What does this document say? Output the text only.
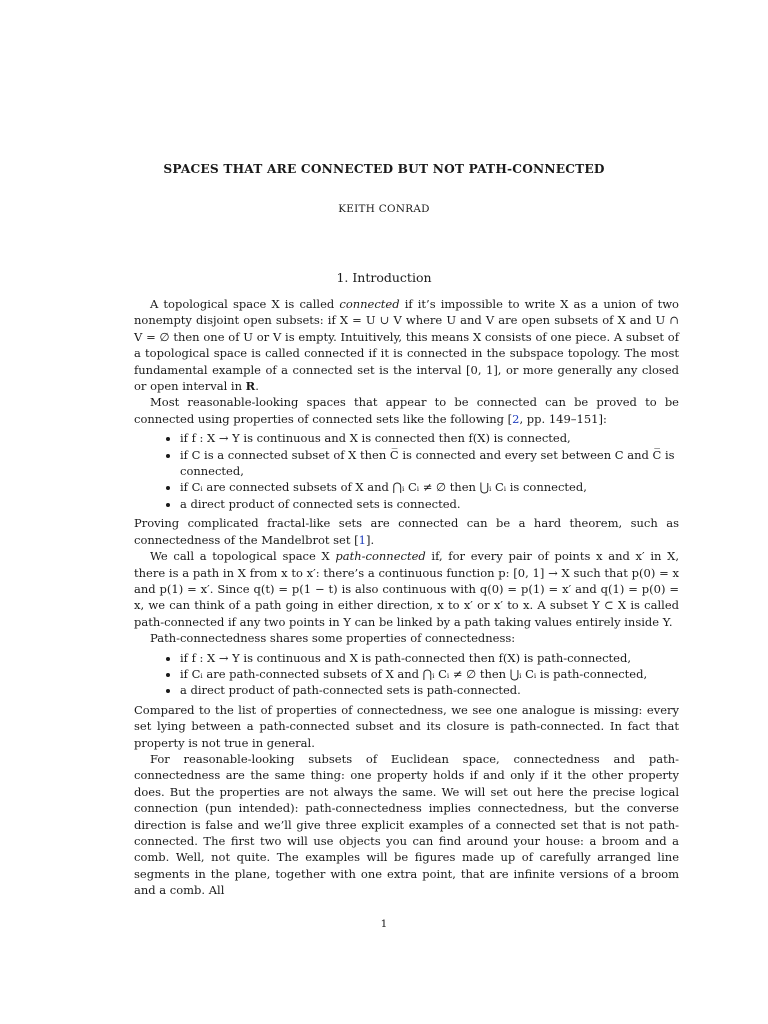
SPACES THAT ARE CONNECTED BUT NOT PATH-CONNECTED
KEITH CONRAD
1. Introduction

A topological space X is called connected if it’s impossible to write X as a union of two nonempty disjoint open subsets: if X = U ∪ V where U and V are open subsets of X and U ∩ V = ∅ then one of U or V is empty. Intuitively, this means X consists of one piece. A subset of a topological space is called connected if it is connected in the subspace topology. The most fundamental example of a connected set is the interval [0, 1], or more generally any closed or open interval in R.

Most reasonable-looking spaces that appear to be connected can be proved to be connected using properties of connected sets like the following [2, pp. 149–151]:

• if f : X → Y is continuous and X is connected then f(X) is connected,
• if C is a connected subset of X then C̅ is connected and every set between C and C̅ is connected,
• if Cᵢ are connected subsets of X and ⋂ᵢ Cᵢ ≠ ∅ then ⋃ᵢ Cᵢ is connected,
• a direct product of connected sets is connected.

Proving complicated fractal-like sets are connected can be a hard theorem, such as connectedness of the Mandelbrot set [1].

We call a topological space X path-connected if, for every pair of points x and x′ in X, there is a path in X from x to x′: there’s a continuous function p: [0, 1] → X such that p(0) = x and p(1) = x′. Since q(t) = p(1 − t) is also continuous with q(0) = p(1) = x′ and q(1) = p(0) = x, we can think of a path going in either direction, x to x′ or x′ to x. A subset Y ⊂ X is called path-connected if any two points in Y can be linked by a path taking values entirely inside Y.

Path-connectedness shares some properties of connectedness:

• if f : X → Y is continuous and X is path-connected then f(X) is path-connected,
• if Cᵢ are path-connected subsets of X and ⋂ᵢ Cᵢ ≠ ∅ then ⋃ᵢ Cᵢ is path-connected,
• a direct product of path-connected sets is path-connected.

Compared to the list of properties of connectedness, we see one analogue is missing: every set lying between a path-connected subset and its closure is path-connected. In fact that property is not true in general.

For reasonable-looking subsets of Euclidean space, connectedness and path-connectedness are the same thing: one property holds if and only if it the other property does. But the properties are not always the same. We will set out here the precise logical connection (pun intended): path-connectedness implies connectedness, but the converse direction is false and we’ll give three explicit examples of a connected set that is not path-connected. The first two will use objects you can find around your house: a broom and a comb. Well, not quite. The examples will be figures made up of carefully arranged line segments in the plane, together with one extra point, that are infinite versions of a broom and a comb. All

1
